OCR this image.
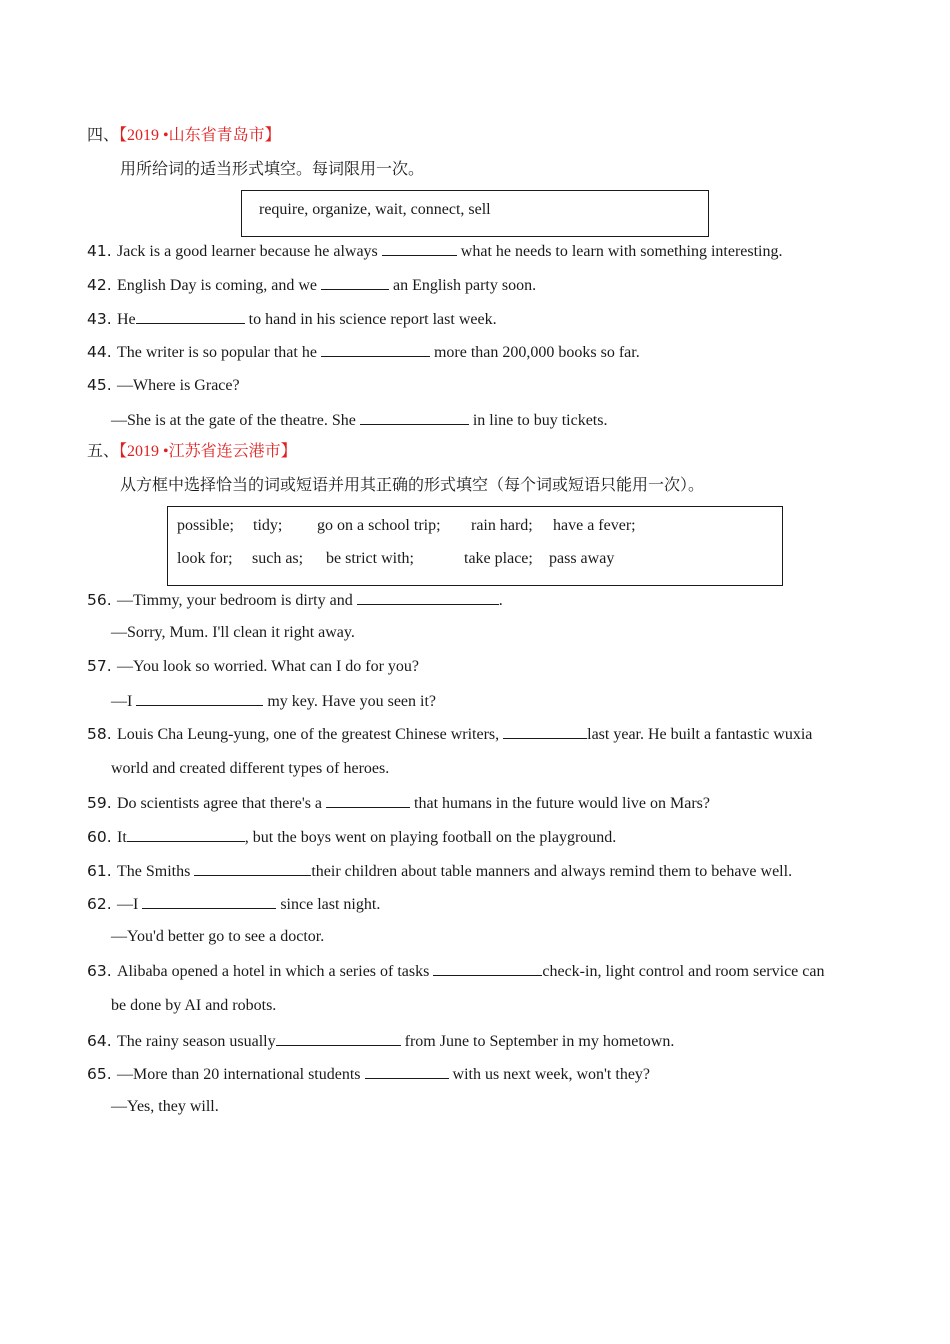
四、【2019 •山东省青岛市】
用所给词的适当形式填空。每词限用一次。
require, organize, wait, connect, sell
41. Jack is a good learner because he always	what he needs to learn with something interesting.
42. English Day is coming, and we	an English party soon.
43. He	to hand in his science report last week.
44. The writer is so popular that he	more than 200,000 books so far.
45. —Where is Grace?
—She is at the gate of the theatre. She	in line to buy tickets.
五、【2019 •江苏省连云港市】
从方框中选择恰当的词或短语并用其正确的形式填空（每个词或短语只能用一次）。
possible; tidy; go on a school trip; rain hard; have a fever;
look for; such as; be strict with;	take place; pass away
56. —Timmy, your bedroom is dirty and	.
—Sorry, Mum. I'll clean it right away.
57. —You look so worried. What can I do for you?
—I	my key. Have you seen it?
58. Louis Cha Leung-yung, one of the greatest Chinese writers,	last year. He built a fantastic wuxia
world and created different types of heroes.
59. Do scientists agree that there's a	that humans in the future would live on Mars?
60. It	, but the boys went on playing football on the playground.
61. The Smiths	their children about table manners and always remind them to behave well.
62. —I	since last night.
—You'd better go to see a doctor.
63. Alibaba opened a hotel in which a series of tasks	check-in, light control and room service can
be done by AI and robots.
64. The rainy season usually	from June to September in my hometown.
65. —More than 20 international students	with us next week, won't they?
—Yes, they will.
